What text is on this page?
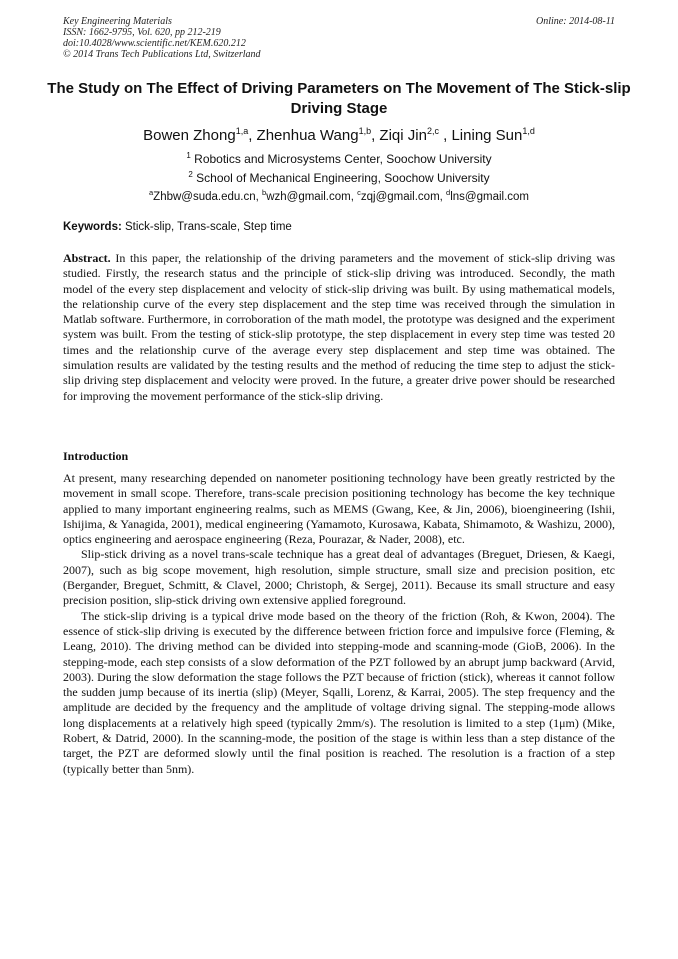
Key Engineering Materials
ISSN: 1662-9795, Vol. 620, pp 212-219
doi:10.4028/www.scientific.net/KEM.620.212
© 2014 Trans Tech Publications Ltd, Switzerland
Online: 2014-08-11
The Study on The Effect of Driving Parameters on The Movement of The Stick-slip Driving Stage
Bowen Zhong$^{1,a}$, Zhenhua Wang$^{1,b}$, Ziqi Jin$^{2,c}$ , Lining Sun$^{1,d}$
$^1$ Robotics and Microsystems Center, Soochow University
$^2$ School of Mechanical Engineering, Soochow University
$^a$Zhbw@suda.edu.cn, $^b$wzh@gmail.com, $^c$zqj@gmail.com, $^d$lns@gmail.com
Keywords: Stick-slip, Trans-scale, Step time

Abstract. In this paper, the relationship of the driving parameters and the movement of stick-slip driving was studied. Firstly, the research status and the principle of stick-slip driving was introduced. Secondly, the math model of the every step displacement and velocity of stick-slip driving was built. By using mathematical models, the relationship curve of the every step displacement and the step time was received through the simulation in Matlab software. Furthermore, in corroboration of the math model, the prototype was designed and the experiment system was built. From the testing of stick-slip prototype, the step displacement in every step time was tested 20 times and the relationship curve of the average every step displacement and step time was obtained. The simulation results are validated by the testing results and the method of reducing the time step to adjust the stick-slip driving step displacement and velocity were proved. In the future, a greater drive power should be researched for improving the movement performance of the stick-slip driving.

Introduction

At present, many researching depended on nanometer positioning technology have been greatly restricted by the movement in small scope. Therefore, trans-scale precision positioning technology has become the key technique applied to many important engineering realms, such as MEMS (Gwang, Kee, & Jin, 2006), bioengineering (Ishii, Ishijima, & Yanagida, 2001), medical engineering (Yamamoto, Kurosawa, Kabata, Shimamoto, & Washizu, 2000), optics engineering and aerospace engineering (Reza, Pourazar, & Nader, 2008), etc.

Slip-stick driving as a novel trans-scale technique has a great deal of advantages (Breguet, Driesen, & Kaegi, 2007), such as big scope movement, high resolution, simple structure, small size and precision position, etc (Bergander, Breguet, Schmitt, & Clavel, 2000; Christoph, & Sergej, 2011). Because its small structure and easy precision position, slip-stick driving own extensive applied foreground.

The stick-slip driving is a typical drive mode based on the theory of the friction (Roh, & Kwon, 2004). The essence of stick-slip driving is executed by the difference between friction force and impulsive force (Fleming, & Leang, 2010). The driving method can be divided into stepping-mode and scanning-mode (GioB, 2006). In the stepping-mode, each step consists of a slow deformation of the PZT followed by an abrupt jump backward (Arvid, 2003). During the slow deformation the stage follows the PZT because of friction (stick), whereas it cannot follow the sudden jump because of its inertia (slip) (Meyer, Sqalli, Lorenz, & Karrai, 2005). The step frequency and the amplitude are decided by the frequency and the amplitude of voltage driving signal. The stepping-mode allows long displacements at a relatively high speed (typically 2mm/s). The resolution is limited to a step (1μm) (Mike, Robert, & Datrid, 2000). In the scanning-mode, the position of the stage is within less than a step distance of the target, the PZT are deformed slowly until the final position is reached. The resolution is a fraction of a step (typically better than 5nm).
